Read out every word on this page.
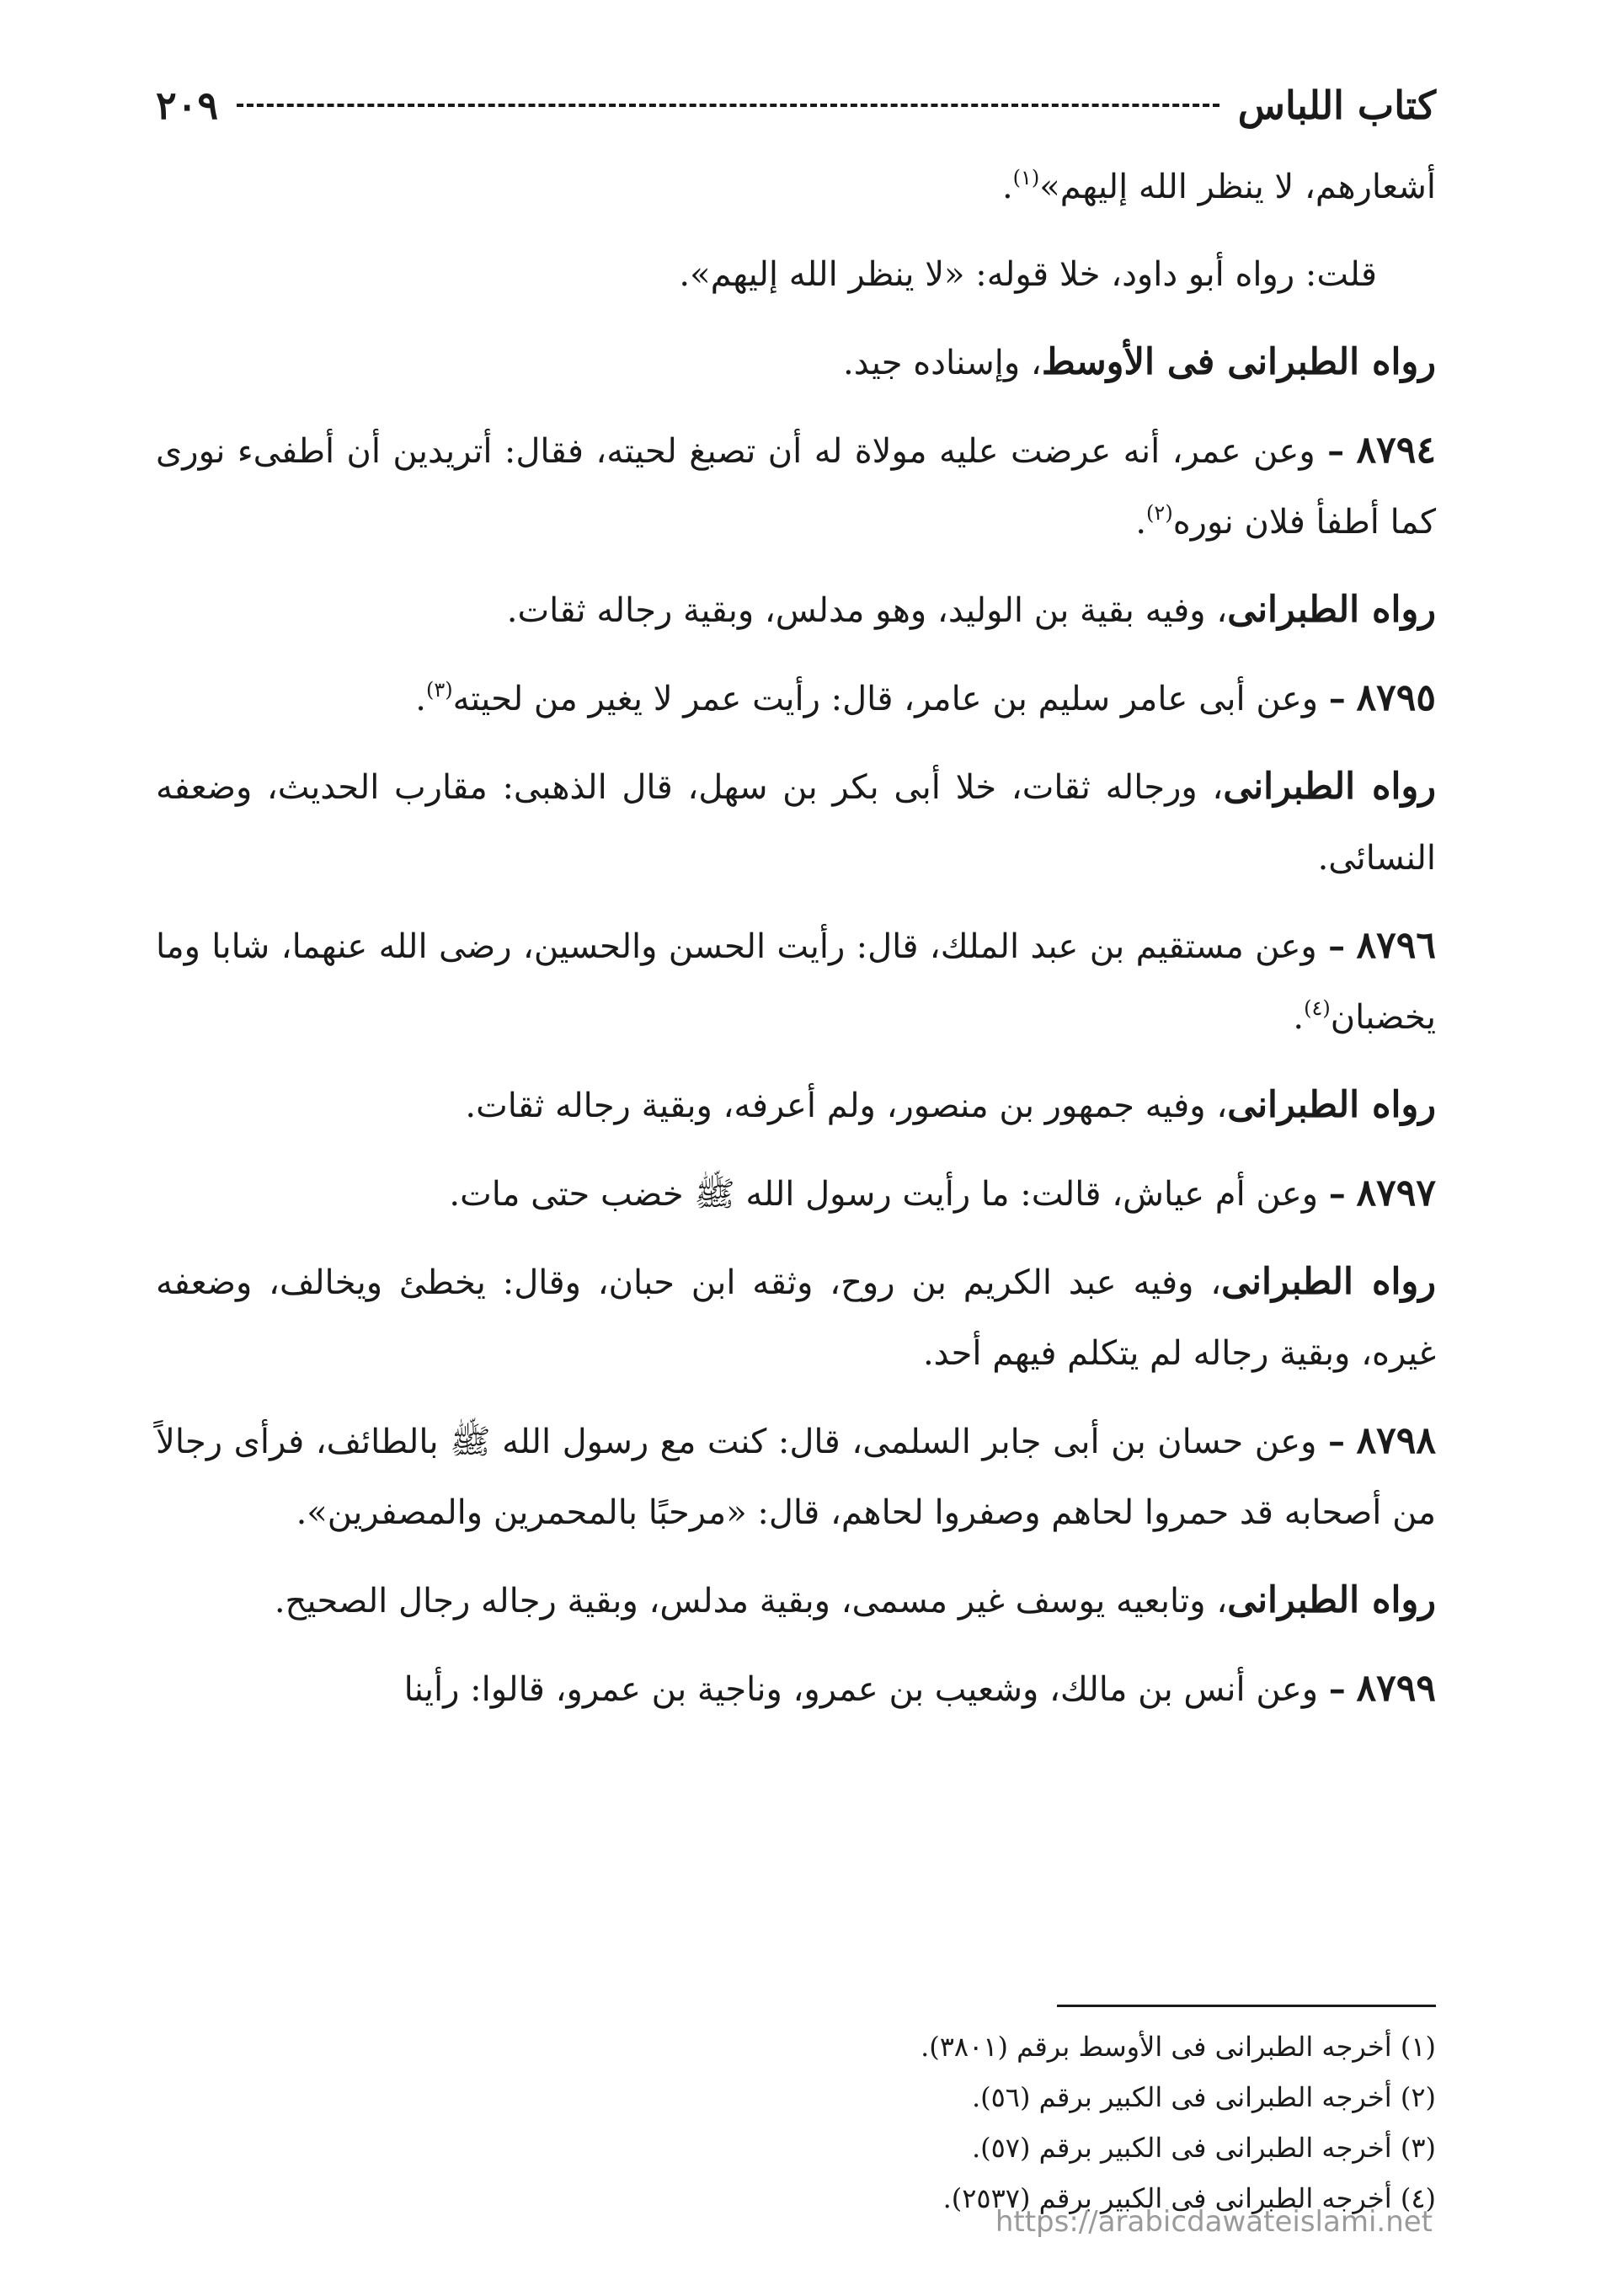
كتاب اللباس
٢٠٩

أشعارهم، لا ينظر الله إليهم»$^{(١)}$.

قلت: رواه أبو داود، خلا قوله: «لا ينظر الله إليهم».

رواه الطبرانى فى الأوسط، وإسناده جيد.

٨٧٩٤ – وعن عمر، أنه عرضت عليه مولاة له أن تصبغ لحيته، فقال: أتريدين أن أطفىء نورى كما أطفأ فلان نوره$^{(٢)}$.

رواه الطبرانى، وفيه بقية بن الوليد، وهو مدلس، وبقية رجاله ثقات.

٨٧٩٥ – وعن أبى عامر سليم بن عامر، قال: رأيت عمر لا يغير من لحيته$^{(٣)}$.

رواه الطبرانى، ورجاله ثقات، خلا أبى بكر بن سهل، قال الذهبى: مقارب الحديث، وضعفه النسائى.

٨٧٩٦ – وعن مستقيم بن عبد الملك، قال: رأيت الحسن والحسين، رضى الله عنهما، شابا وما يخضبان$^{(٤)}$.

رواه الطبرانى، وفيه جمهور بن منصور، ولم أعرفه، وبقية رجاله ثقات.

٨٧٩٧ – وعن أم عياش، قالت: ما رأيت رسول الله ﷺ خضب حتى مات.

رواه الطبرانى، وفيه عبد الكريم بن روح، وثقه ابن حبان، وقال: يخطئ ويخالف، وضعفه غيره، وبقية رجاله لم يتكلم فيهم أحد.

٨٧٩٨ – وعن حسان بن أبى جابر السلمى، قال: كنت مع رسول الله ﷺ بالطائف، فرأى رجالاً من أصحابه قد حمروا لحاهم وصفروا لحاهم، قال: «مرحبًا بالمحمرين والمصفرين».

رواه الطبرانى، وتابعيه يوسف غير مسمى، وبقية مدلس، وبقية رجاله رجال الصحيح.

٨٧٩٩ – وعن أنس بن مالك، وشعيب بن عمرو، وناجية بن عمرو، قالوا: رأينا

(١) أخرجه الطبرانى فى الأوسط برقم (٣٨٠١).
(٢) أخرجه الطبرانى فى الكبير برقم (٥٦).
(٣) أخرجه الطبرانى فى الكبير برقم (٥٧).
(٤) أخرجه الطبرانى فى الكبير برقم (٢٥٣٧).
https://arabicdawateislami.net
